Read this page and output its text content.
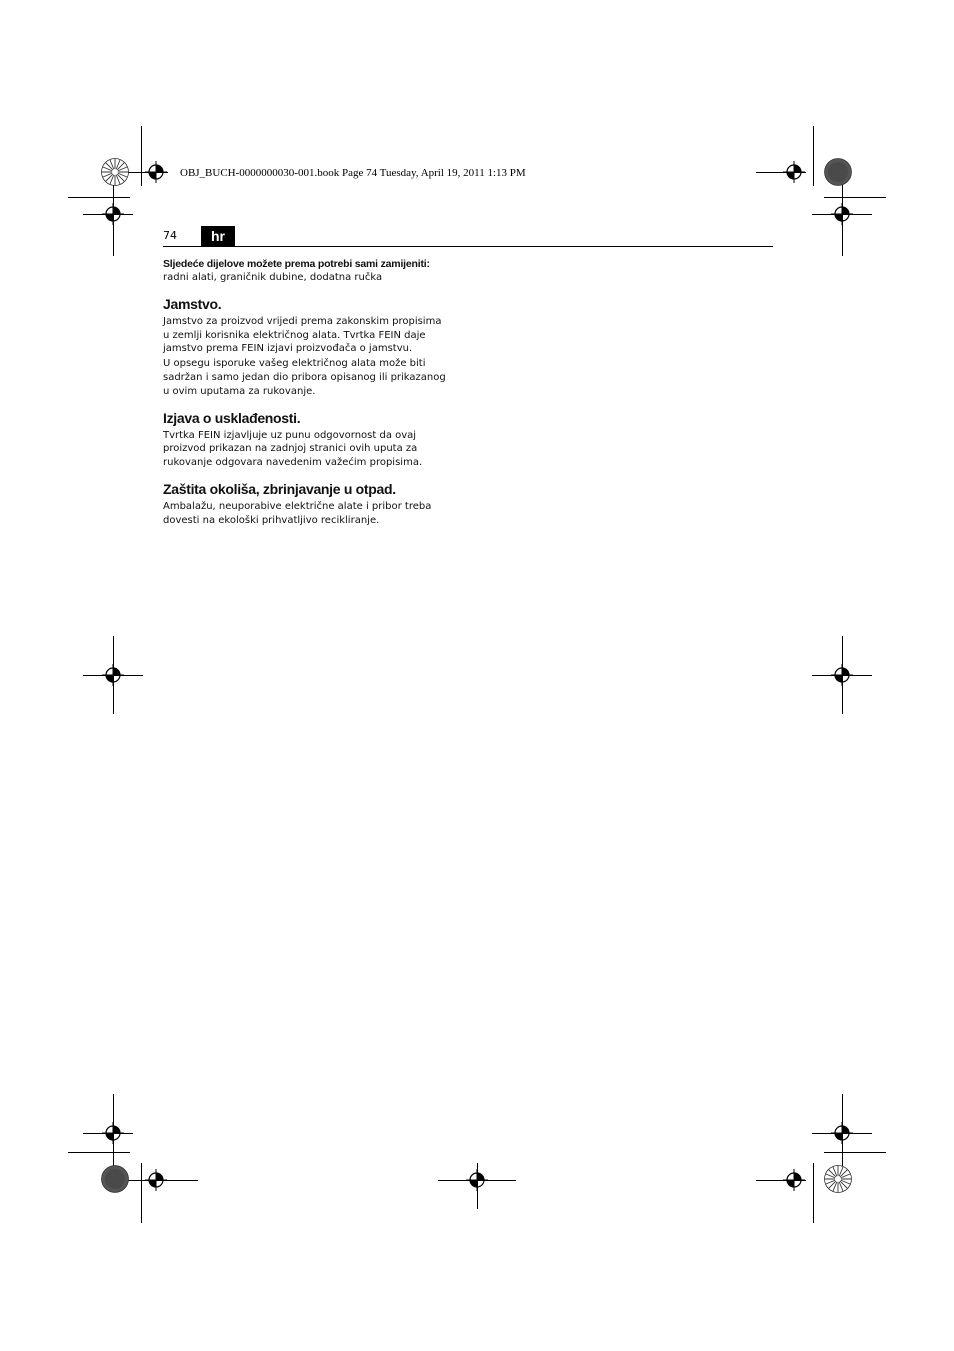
OBJ_BUCH-0000000030-001.book Page 74 Tuesday, April 19, 2011 1:13 PM
74	hr

Sljedeće dijelove možete prema potrebi sami zamijeniti:

radni alati, graničnik dubine, dodatna ručka

Jamstvo.
Jamstvo za proizvod vrijedi prema zakonskim propisima
u zemlji korisnika električnog alata. Tvrtka FEIN daje
jamstvo prema FEIN izjavi proizvođača o jamstvu.
U opsegu isporuke vašeg električnog alata može biti
sadržan i samo jedan dio pribora opisanog ili prikazanog
u ovim uputama za rukovanje.
Izjava o usklađenosti.
Tvrtka FEIN izjavljuje uz punu odgovornost da ovaj
proizvod prikazan na zadnjoj stranici ovih uputa za
rukovanje odgovara navedenim važećim propisima.
Zaštita okoliša, zbrinjavanje u otpad.
Ambalažu, neuporabive električne alate i pribor treba
dovesti na ekološki prihvatljivo recikliranje.
